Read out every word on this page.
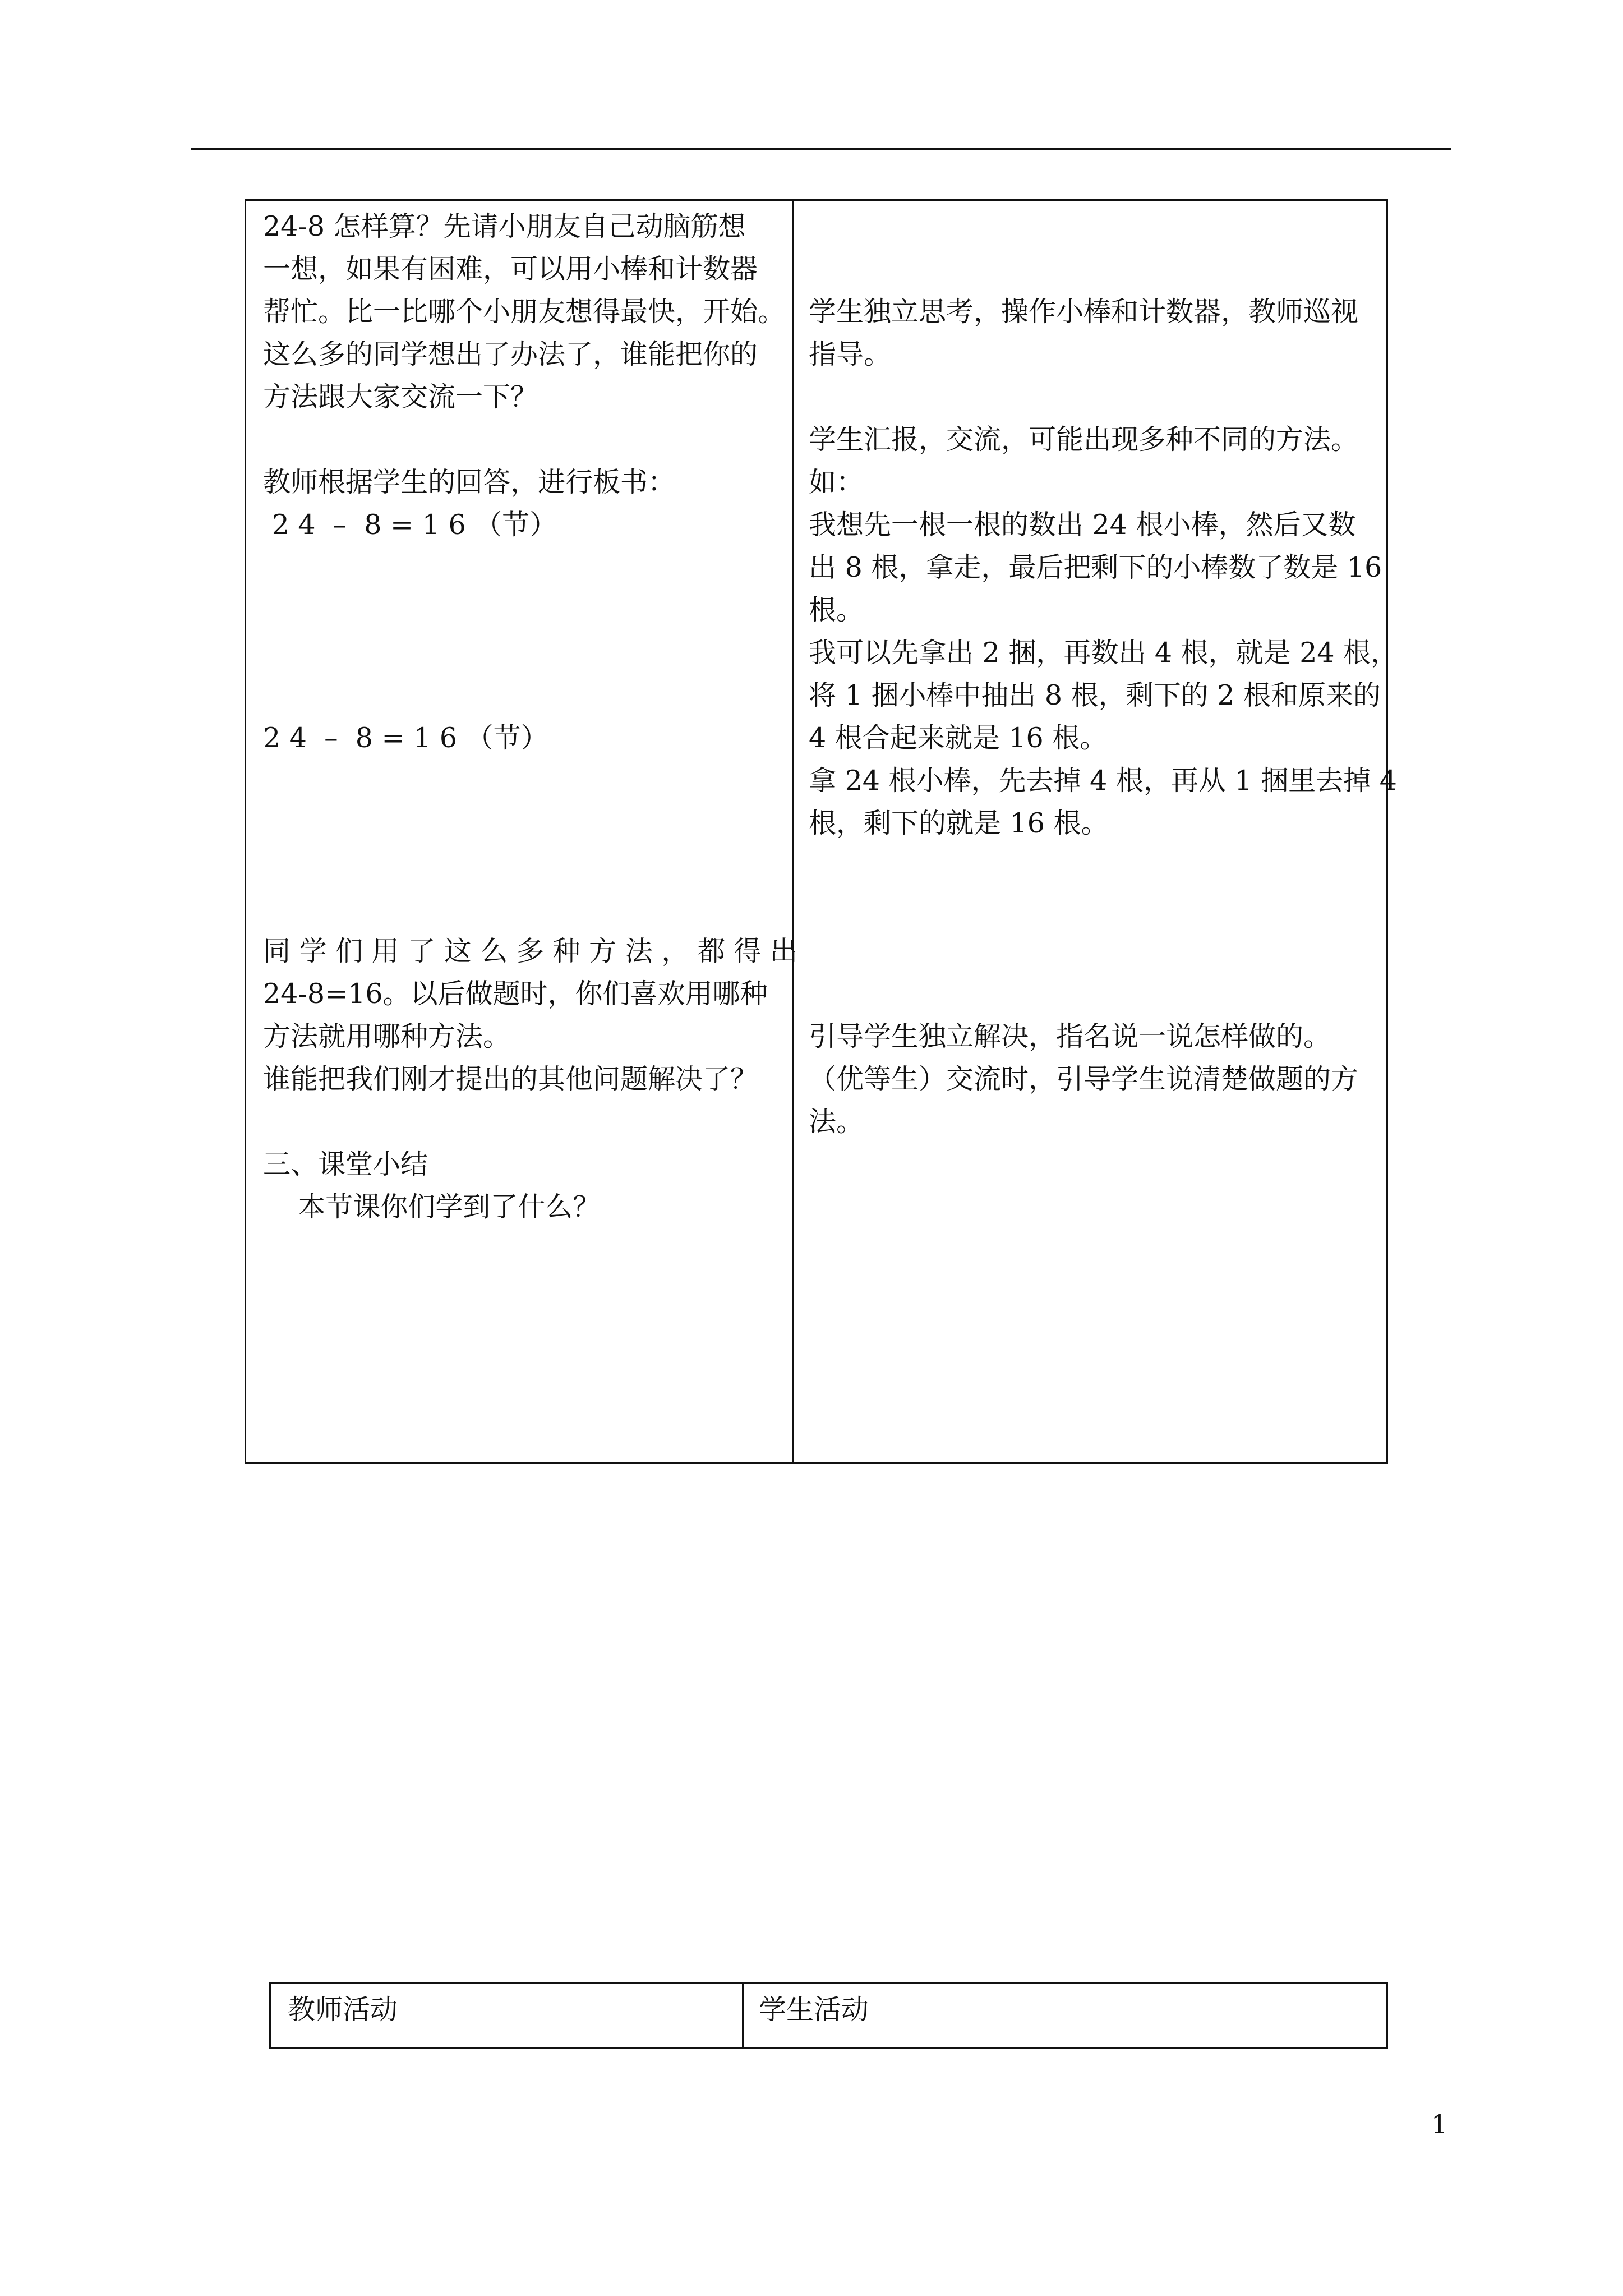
24-8 怎样算？先请小朋友自己动脑筋想
一想，如果有困难，可以用小棒和计数器
帮忙。比一比哪个小朋友想得最快，开始。
这么多的同学想出了办法了，谁能把你的
方法跟大家交流一下？

教师根据学生的回答，进行板书：
2 4  –  8 = 1 6 （节）

2 4  –  8 = 1 6 （节）

同 学 们 用 了 这 么 多 种 方 法 ， 都 得 出
24-8=16。以后做题时，你们喜欢用哪种
方法就用哪种方法。
谁能把我们刚才提出的其他问题解决了？

三、课堂小结
本节课你们学到了什么？

学生独立思考，操作小棒和计数器，教师巡视
指导。

学生汇报，交流，可能出现多种不同的方法。
如：
我想先一根一根的数出 24 根小棒，然后又数
出 8 根，拿走，最后把剩下的小棒数了数是 16
根。
我可以先拿出 2 捆，再数出 4 根，就是 24 根，
将 1 捆小棒中抽出 8 根，剩下的 2 根和原来的
4 根合起来就是 16 根。
拿 24 根小棒，先去掉 4 根，再从 1 捆里去掉 4
根，剩下的就是 16 根。

引导学生独立解决，指名说一说怎样做的。
（优等生）交流时，引导学生说清楚做题的方
法。
教师活动	学生活动
1
